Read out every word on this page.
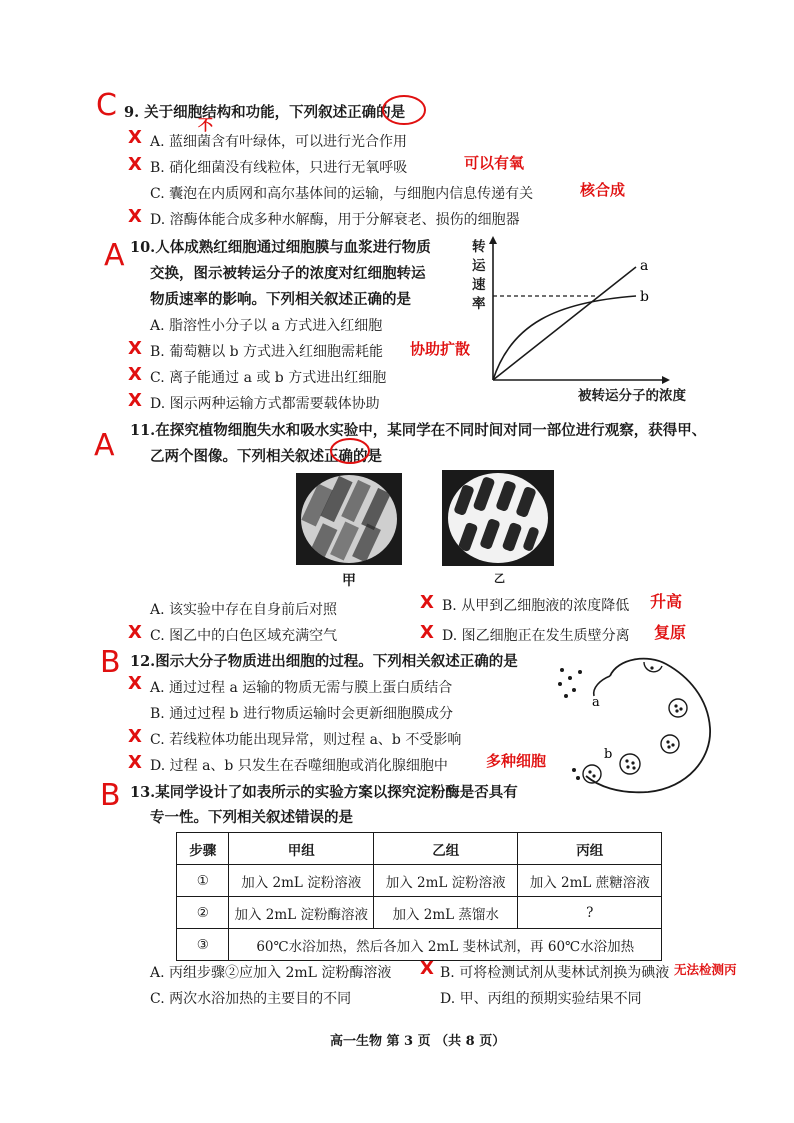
C 9. 关于细胞结构和功能，下列叙述正确的是
不
X A. 蓝细菌含有叶绿体，可以进行光合作用
X B. 硝化细菌没有线粒体，只进行无氧呼吸	可以有氧
C. 囊泡在内质网和高尔基体间的运输，与细胞内信息传递有关	核合成
X D. 溶酶体能合成多种水解酶，用于分解衰老、损伤的细胞器
A 10.人体成熟红细胞通过细胞膜与血浆进行物质
交换，图示被转运分子的浓度对红细胞转运
物质速率的影响。下列相关叙述正确的是
A. 脂溶性小分子以 a 方式进入红细胞
X B. 葡萄糖以 b 方式进入红细胞需耗能 协助扩散
X C. 离子能通过 a 或 b 方式进出红细胞
X D. 图示两种运输方式都需要载体协助
a
b
转
运
速
率
被转运分子的浓度
A 11.在探究植物细胞失水和吸水实验中，某同学在不同时间对同一部位进行观察，获得甲、
乙两个图像。下列相关叙述正确的是
甲	乙
A. 该实验中存在自身前后对照	X B. 从甲到乙细胞液的浓度降低 升高
X C. 图乙中的白色区域充满空气	X D. 图乙细胞正在发生质壁分离 复原
B 12.图示大分子物质进出细胞的过程。下列相关叙述正确的是
X A. 通过过程 a 运输的物质无需与膜上蛋白质结合
B. 通过过程 b 进行物质运输时会更新细胞膜成分
X C. 若线粒体功能出现异常，则过程 a、b 不受影响
X D. 过程 a、b 只发生在吞噬细胞或消化腺细胞中	多种细胞
a
b
B 13.某同学设计了如表所示的实验方案以探究淀粉酶是否具有
专一性。下列相关叙述错误的是
步骤	甲组	乙组	丙组
①	加入 2mL 淀粉溶液	加入 2mL 淀粉溶液	加入 2mL 蔗糖溶液
②	加入 2mL 淀粉酶溶液	加入 2mL 蒸馏水	?
③	60℃水浴加热，然后各加入 2mL 斐林试剂，再 60℃水浴加热		
A. 丙组步骤②应加入 2mL 淀粉酶溶液 X B. 可将检测试剂从斐林试剂换为碘液 无法检测丙
C. 两次水浴加热的主要目的不同	D. 甲、丙组的预期实验结果不同
高一生物 第 3 页 （共 8 页）
